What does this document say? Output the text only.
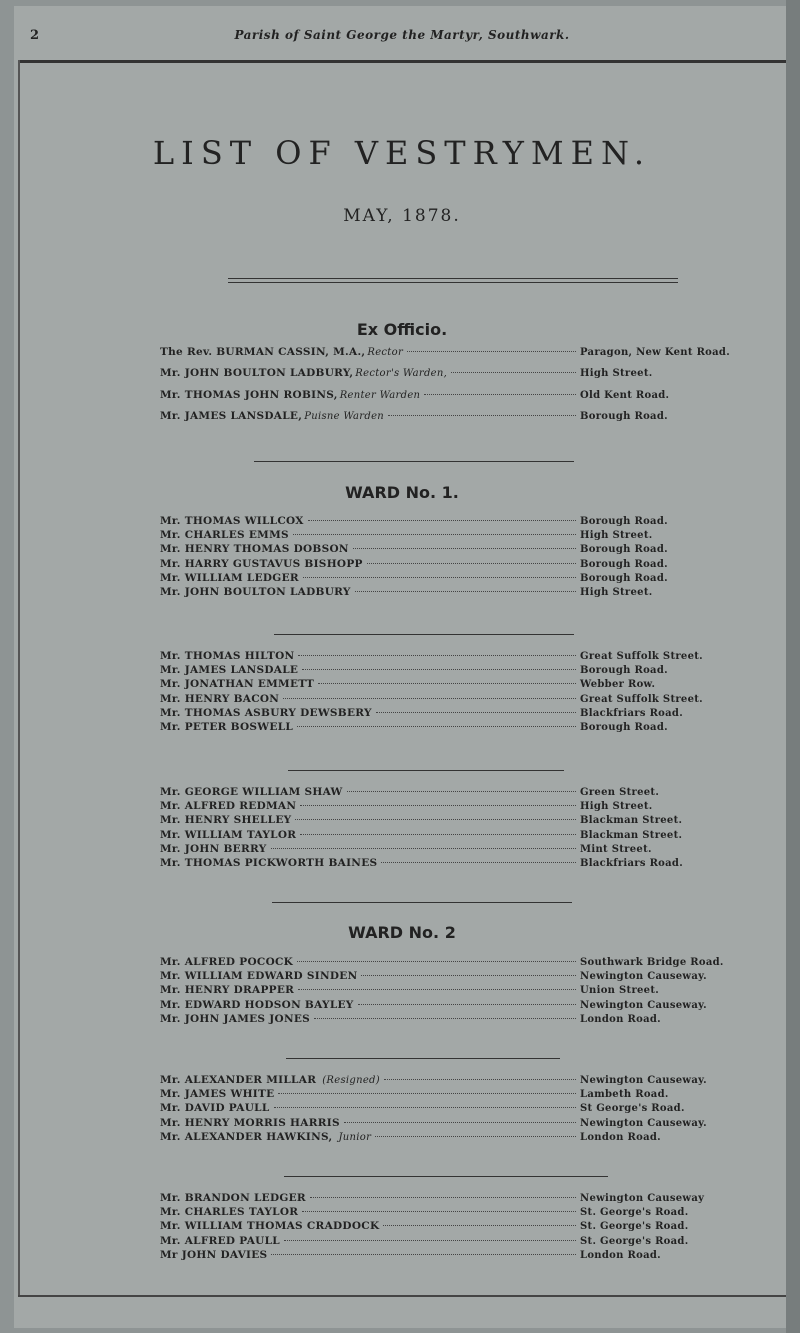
2	Parish of Saint George the Martyr, Southwark.
LIST OF VESTRYMEN.
MAY, 1878.
Ex Officio.
The Rev. BURMAN CASSIN, M.A., Rector	Paragon, New Kent Road.
Mr. JOHN BOULTON LADBURY, Rector's Warden,	High Street.
Mr. THOMAS JOHN ROBINS, Renter Warden	Old Kent Road.
Mr. JAMES LANSDALE, Puisne Warden	Borough Road.
WARD No. 1.
Mr. THOMAS WILLCOX	Borough Road.
Mr. CHARLES EMMS	High Street.
Mr. HENRY THOMAS DOBSON	Borough Road.
Mr. HARRY GUSTAVUS BISHOPP	Borough Road.
Mr. WILLIAM LEDGER	Borough Road.
Mr. JOHN BOULTON LADBURY	High Street.
Mr. THOMAS HILTON	Great Suffolk Street.
Mr. JAMES LANSDALE	Borough Road.
Mr. JONATHAN EMMETT	Webber Row.
Mr. HENRY BACON	Great Suffolk Street.
Mr. THOMAS ASBURY DEWSBERY	Blackfriars Road.
Mr. PETER BOSWELL	Borough Road.
Mr. GEORGE WILLIAM SHAW	Green Street.
Mr. ALFRED REDMAN	High Street.
Mr. HENRY SHELLEY	Blackman Street.
Mr. WILLIAM TAYLOR	Blackman Street.
Mr. JOHN BERRY	Mint Street.
Mr. THOMAS PICKWORTH BAINES	Blackfriars Road.
WARD No. 2
Mr. ALFRED POCOCK	Southwark Bridge Road.
Mr. WILLIAM EDWARD SINDEN	Newington Causeway.
Mr. HENRY DRAPPER	Union Street.
Mr. EDWARD HODSON BAYLEY	Newington Causeway.
Mr. JOHN JAMES JONES	London Road.
Mr. ALEXANDER MILLAR (Resigned)	Newington Causeway.
Mr. JAMES WHITE	Lambeth Road.
Mr. DAVID PAULL	St George's Road.
Mr. HENRY MORRIS HARRIS	Newington Causeway.
Mr. ALEXANDER HAWKINS, Junior	London Road.
Mr. BRANDON LEDGER	Newington Causeway
Mr. CHARLES TAYLOR	St. George's Road.
Mr. WILLIAM THOMAS CRADDOCK	St. George's Road.
Mr. ALFRED PAULL	St. George's Road.
Mr JOHN DAVIES	London Road.
